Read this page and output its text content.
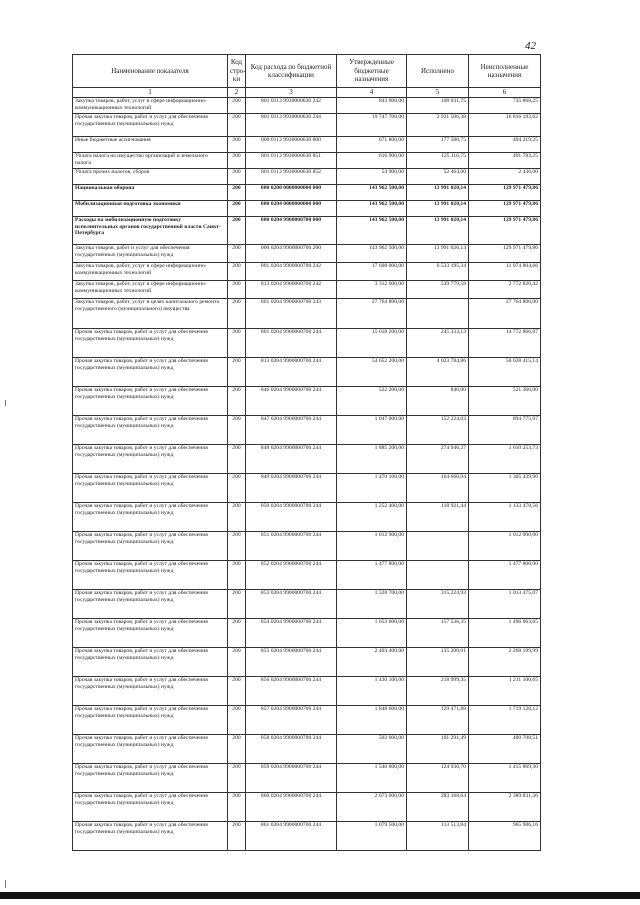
42
Наименование показателя	Код стро-ки	Код расхода по бюджетной классификации	Утвержденные бюджетные назначения	Исполнено	Неисполненные назначения
1	2	3	4	5	6
Закупка товаров, работ, услуг в сфере информационно-коммуникационных технологий	200	801 0113 9930000630 242	843 900,00	108 031,75	735 868,25
Прочая закупка товаров, работ и услуг для обеспечения государственных (муниципальных) нужд	200	801 0113 9930000630 244	19 747 700,00	2 931 506,38	16 816 193,62
Иные бюджетные ассигнования	200	000 0113 9930000630 800	671 800,00	177 580,75	494 219,25
Уплата налога на имущество организаций и земельного налога	200	801 0113 9930000630 851	616 900,00	125 116,75	491 783,25
Уплата прочих налогов, сборов	200	801 0113 9930000630 852	54 900,00	52 464,00	2 436,00
Национальная оборона	200	000 0200 0000000000 000	143 962 500,00	13 991 020,14	129 971 479,86
Мобилизационная подготовка экономики	200	000 0204 0000000000 000	143 962 500,00	13 991 020,14	129 971 479,86
Расходы на мобилизационную подготовку исполнительных органов государственной власти Санкт-Петербурга	200	000 0204 9900000700 000	143 962 500,00	13 991 020,14	129 971 479,86
Закупка товаров, работ и услуг для обеспечения государственных (муниципальных) нужд	200	000 0204 9900000700 200	143 962 500,00	13 991 020,14	129 971 479,86
Закупка товаров, работ, услуг в сфере информационно-коммуникационных технологий	200	801 0204 9900000700 242	17 608 000,00	6 533 195,34	11 074 804,66
Закупка товаров, работ, услуг в сфере информационно-коммуникационных технологий	200	813 0204 9900000700 242	3 312 600,00	539 779,58	2 772 820,42
Закупка товаров, работ, услуг в целях капитального ремонта государственного (муниципального) имущества	200	801 0204 9900000700 243	27 764 800,00		27 764 800,00
Прочая закупка товаров, работ и услуг для обеспечения государственных (муниципальных) нужд	200	801 0204 9900000700 244	15 018 200,00	245 333,13	14 772 866,87
Прочая закупка товаров, работ и услуг для обеспечения государственных (муниципальных) нужд	200	813 0204 9900000700 244	54 652 200,00	4 023 784,86	50 628 415,14
Прочая закупка товаров, работ и услуг для обеспечения государственных (муниципальных) нужд	200	846 0204 9900000700 244	522 200,00	840,00	521 360,00
Прочая закупка товаров, работ и услуг для обеспечения государственных (муниципальных) нужд	200	847 0204 9900000700 244	1 047 000,00	152 224,03	894 775,97
Прочая закупка товаров, работ и услуг для обеспечения государственных (муниципальных) нужд	200	848 0204 9900000700 244	1 885 200,00	274 946,27	1 610 253,73
Прочая закупка товаров, работ и услуг для обеспечения государственных (муниципальных) нужд	200	849 0204 9900000700 244	1 470 100,00	164 660,04	1 305 439,96
Прочая закупка товаров, работ и услуг для обеспечения государственных (муниципальных) нужд	200	850 0204 9900000700 244	1 252 400,00	118 921,44	1 133 478,56
Прочая закупка товаров, работ и услуг для обеспечения государственных (муниципальных) нужд	200	851 0204 9900000700 244	1 012 900,00		1 012 900,00
Прочая закупка товаров, работ и услуг для обеспечения государственных (муниципальных) нужд	200	852 0204 9900000700 244	1 477 800,00		1 477 800,00
Прочая закупка товаров, работ и услуг для обеспечения государственных (муниципальных) нужд	200	853 0204 9900000700 244	1 328 700,00	315 224,93	1 013 475,07
Прочая закупка товаров, работ и услуг для обеспечения государственных (муниципальных) нужд	200	854 0204 9900000700 244	1 653 600,00	157 536,35	1 496 063,65
Прочая закупка товаров, работ и услуг для обеспечения государственных (муниципальных) нужд	200	855 0204 9900000700 244	2 403 400,00	135 200,01	2 268 199,99
Прочая закупка товаров, работ и услуг для обеспечения государственных (муниципальных) нужд	200	856 0204 9900000700 244	1 430 100,00	218 999,35	1 211 100,65
Прочая закупка товаров, работ и услуг для обеспечения государственных (муниципальных) нужд	200	857 0204 9900000700 244	1 848 600,00	129 471,88	1 719 128,12
Прочая закупка товаров, работ и услуг для обеспечения государственных (муниципальных) нужд	200	858 0204 9900000700 244	502 000,00	101 291,49	400 708,51
Прочая закупка товаров, работ и услуг для обеспечения государственных (муниципальных) нужд	200	859 0204 9900000700 244	1 540 800,00	124 930,70	1 415 869,30
Прочая закупка товаров, работ и услуг для обеспечения государственных (муниципальных) нужд	200	860 0204 9900000700 244	2 673 000,00	283 168,64	2 389 831,36
Прочая закупка товаров, работ и услуг для обеспечения государственных (муниципальных) нужд	200	861 0204 9900000700 244	1 079 500,00	113 513,84	965 986,16
